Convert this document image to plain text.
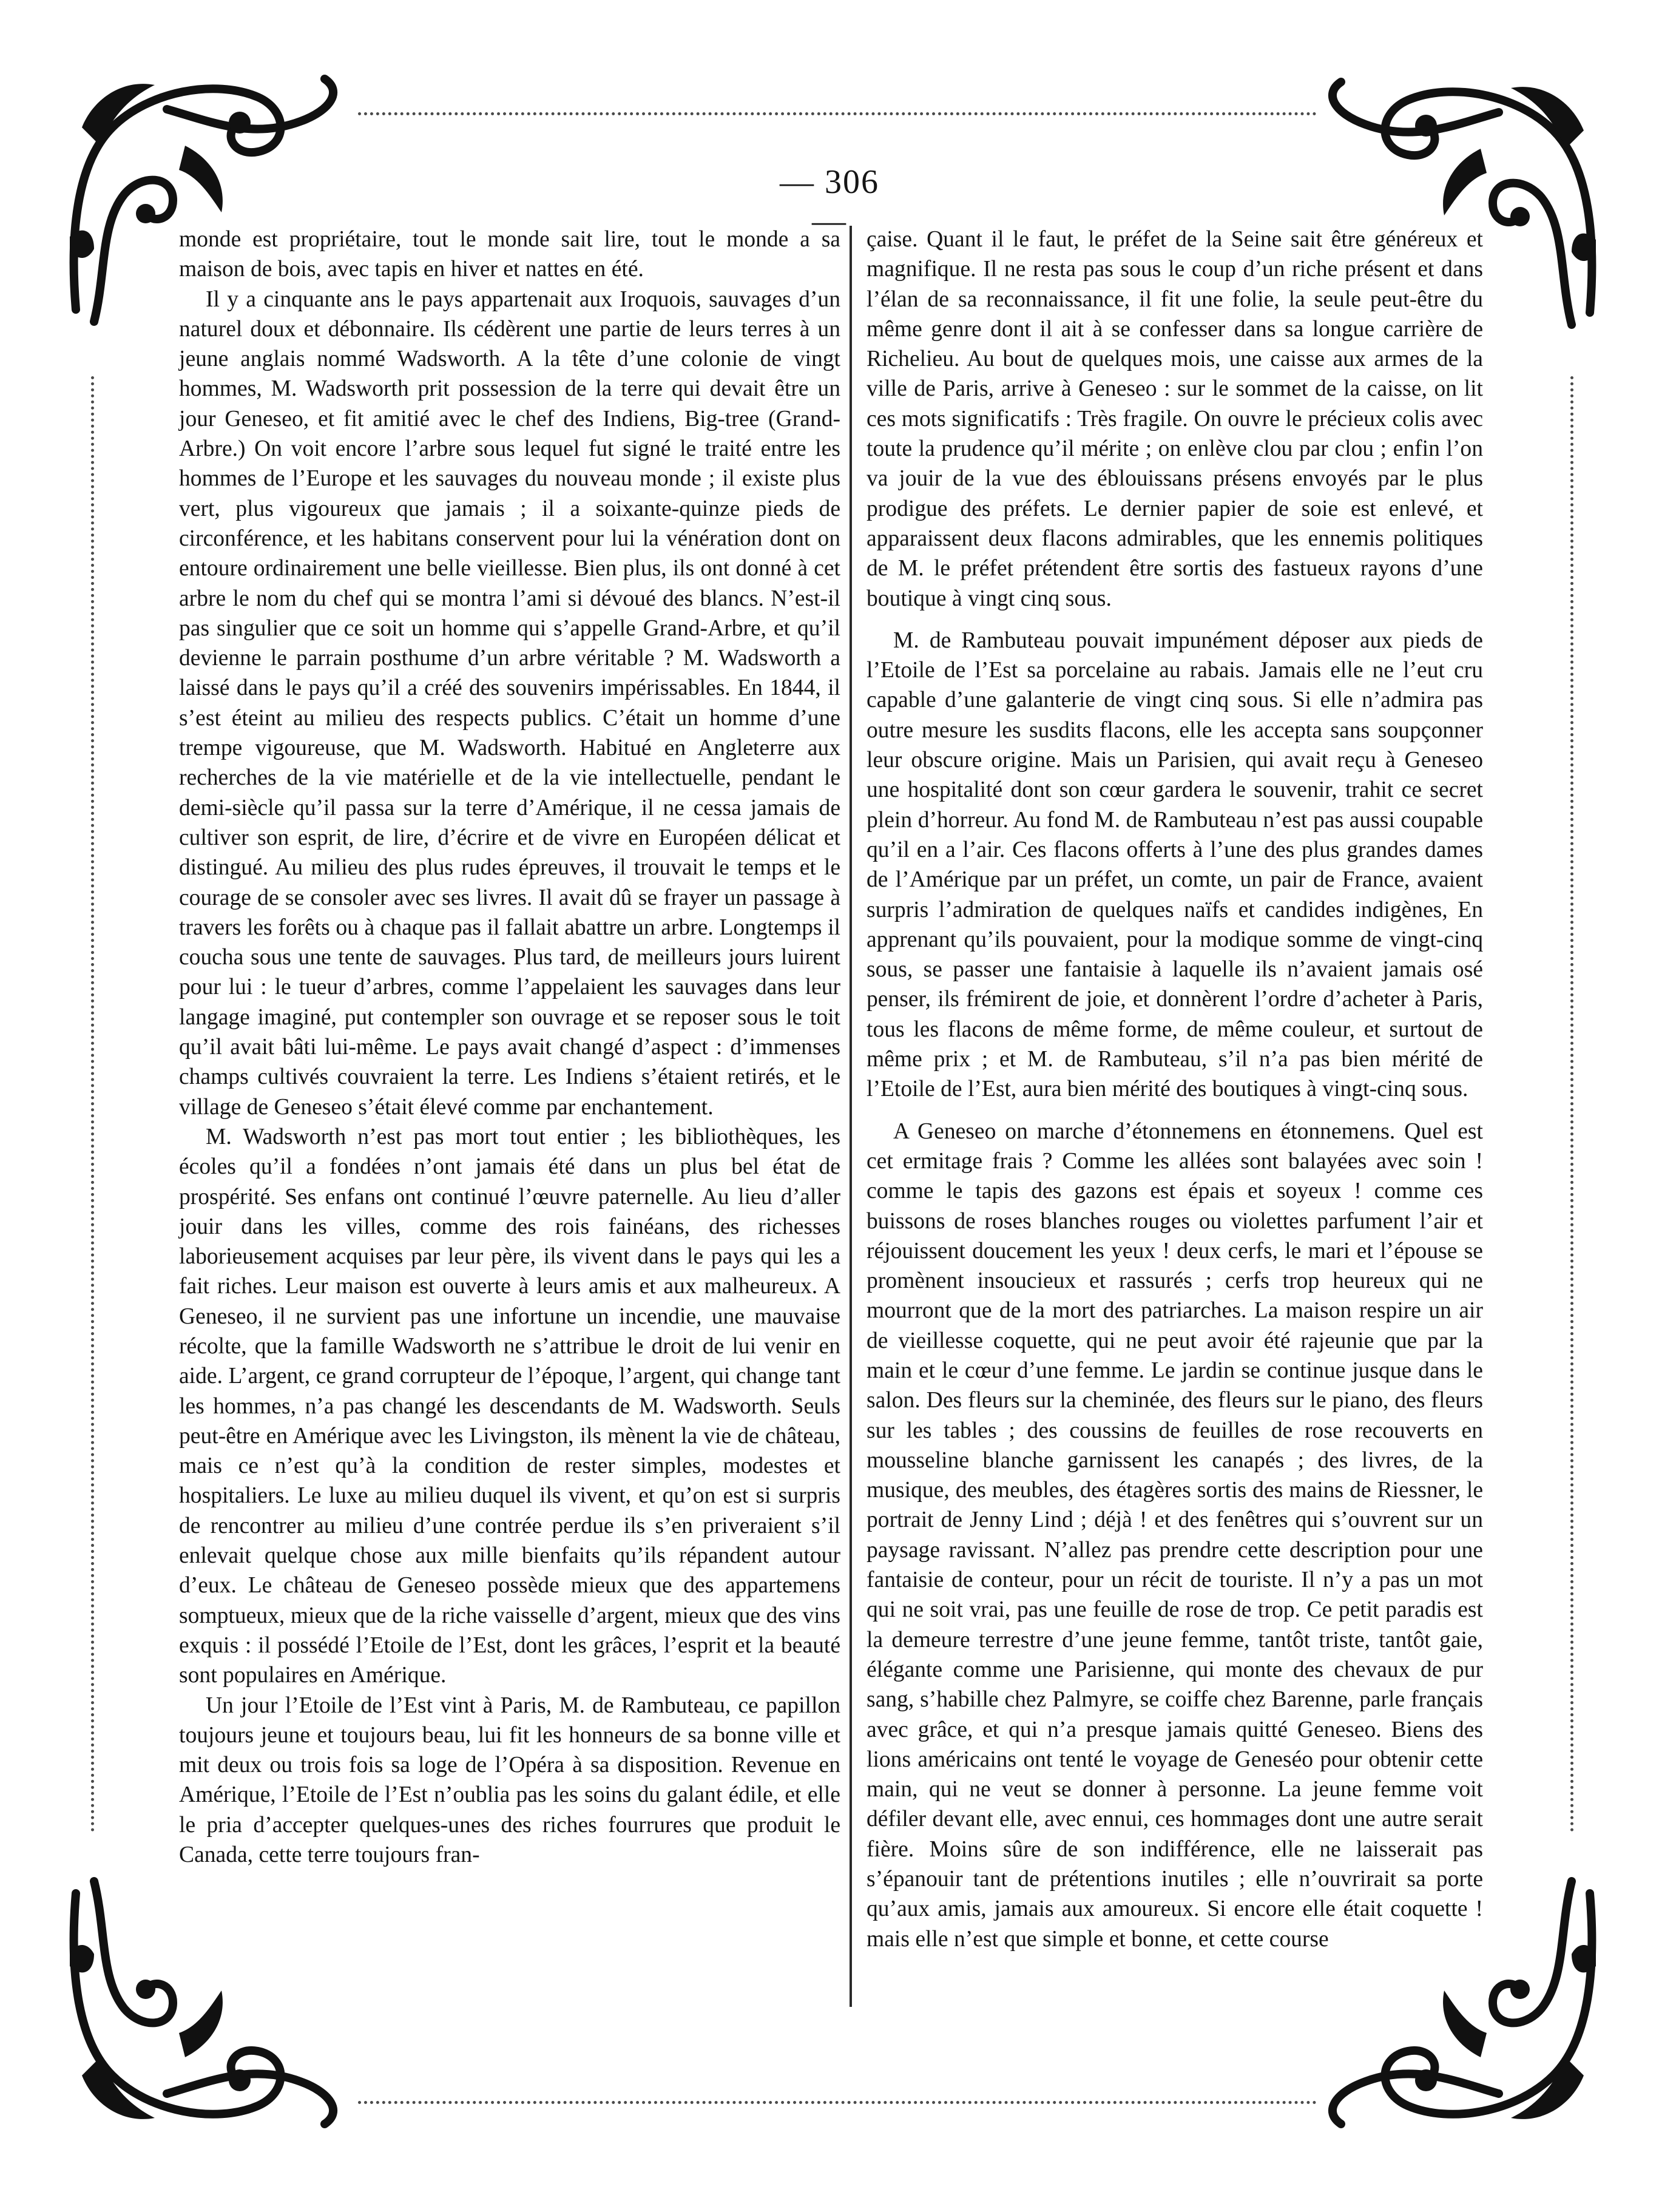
— 306 —

monde est propriétaire, tout le monde sait lire, tout le monde a sa maison de bois, avec tapis en hiver et nattes en été.

Il y a cinquante ans le pays appartenait aux Iroquois, sauvages d’un naturel doux et débonnaire. Ils cédèrent une partie de leurs terres à un jeune anglais nommé Wadsworth. A la tête d’une colonie de vingt hommes, M. Wadsworth prit possession de la terre qui devait être un jour Geneseo, et fit amitié avec le chef des Indiens, Big-tree (Grand-Arbre.) On voit encore l’arbre sous lequel fut signé le traité entre les hommes de l’Europe et les sauvages du nouveau monde ; il existe plus vert, plus vigoureux que jamais ; il a soixante-quinze pieds de circonférence, et les habitans conservent pour lui la vénération dont on entoure ordinairement une belle vieillesse. Bien plus, ils ont donné à cet arbre le nom du chef qui se montra l’ami si dévoué des blancs. N’est-il pas singulier que ce soit un homme qui s’appelle Grand-Arbre, et qu’il devienne le parrain posthume d’un arbre véritable ? M. Wadsworth a laissé dans le pays qu’il a créé des souvenirs impérissables. En 1844, il s’est éteint au milieu des respects publics. C’était un homme d’une trempe vigoureuse, que M. Wadsworth. Habitué en Angleterre aux recherches de la vie matérielle et de la vie intellectuelle, pendant le demi-siècle qu’il passa sur la terre d’Amérique, il ne cessa jamais de cultiver son esprit, de lire, d’écrire et de vivre en Européen délicat et distingué. Au milieu des plus rudes épreuves, il trouvait le temps et le courage de se consoler avec ses livres. Il avait dû se frayer un passage à travers les forêts ou à chaque pas il fallait abattre un arbre. Longtemps il coucha sous une tente de sauvages. Plus tard, de meilleurs jours luirent pour lui : le tueur d’arbres, comme l’appelaient les sauvages dans leur langage imaginé, put contempler son ouvrage et se reposer sous le toit qu’il avait bâti lui-même. Le pays avait changé d’aspect : d’immenses champs cultivés couvraient la terre. Les Indiens s’étaient retirés, et le village de Geneseo s’était élevé comme par enchantement.

M. Wadsworth n’est pas mort tout entier ; les bibliothèques, les écoles qu’il a fondées n’ont jamais été dans un plus bel état de prospérité. Ses enfans ont continué l’œuvre paternelle. Au lieu d’aller jouir dans les villes, comme des rois fainéans, des richesses laborieusement acquises par leur père, ils vivent dans le pays qui les a fait riches. Leur maison est ouverte à leurs amis et aux malheureux. A Geneseo, il ne survient pas une infortune un incendie, une mauvaise récolte, que la famille Wadsworth ne s’attribue le droit de lui venir en aide. L’argent, ce grand corrupteur de l’époque, l’argent, qui change tant les hommes, n’a pas changé les descendants de M. Wadsworth. Seuls peut-être en Amérique avec les Livingston, ils mènent la vie de château, mais ce n’est qu’à la condition de rester simples, modestes et hospitaliers. Le luxe au milieu duquel ils vivent, et qu’on est si surpris de rencontrer au milieu d’une contrée perdue ils s’en priveraient s’il enlevait quelque chose aux mille bienfaits qu’ils répandent autour d’eux. Le château de Geneseo possède mieux que des appartemens somptueux, mieux que de la riche vaisselle d’argent, mieux que des vins exquis : il possédé l’Etoile de l’Est, dont les grâces, l’esprit et la beauté sont populaires en Amérique.

Un jour l’Etoile de l’Est vint à Paris, M. de Rambuteau, ce papillon toujours jeune et toujours beau, lui fit les honneurs de sa bonne ville et mit deux ou trois fois sa loge de l’Opéra à sa disposition. Revenue en Amérique, l’Etoile de l’Est n’oublia pas les soins du galant édile, et elle le pria d’accepter quelques-unes des riches fourrures que produit le Canada, cette terre toujours fran-

çaise. Quant il le faut, le préfet de la Seine sait être généreux et magnifique. Il ne resta pas sous le coup d’un riche présent et dans l’élan de sa reconnaissance, il fit une folie, la seule peut-être du même genre dont il ait à se confesser dans sa longue carrière de Richelieu. Au bout de quelques mois, une caisse aux armes de la ville de Paris, arrive à Geneseo : sur le sommet de la caisse, on lit ces mots significatifs : Très fragile. On ouvre le précieux colis avec toute la prudence qu’il mérite ; on enlève clou par clou ; enfin l’on va jouir de la vue des éblouissans présens envoyés par le plus prodigue des préfets. Le dernier papier de soie est enlevé, et apparaissent deux flacons admirables, que les ennemis politiques de M. le préfet prétendent être sortis des fastueux rayons d’une boutique à vingt cinq sous.

M. de Rambuteau pouvait impunément déposer aux pieds de l’Etoile de l’Est sa porcelaine au rabais. Jamais elle ne l’eut cru capable d’une galanterie de vingt cinq sous. Si elle n’admira pas outre mesure les susdits flacons, elle les accepta sans soupçonner leur obscure origine. Mais un Parisien, qui avait reçu à Geneseo une hospitalité dont son cœur gardera le souvenir, trahit ce secret plein d’horreur. Au fond M. de Rambuteau n’est pas aussi coupable qu’il en a l’air. Ces flacons offerts à l’une des plus grandes dames de l’Amérique par un préfet, un comte, un pair de France, avaient surpris l’admiration de quelques naïfs et candides indigènes, En apprenant qu’ils pouvaient, pour la modique somme de vingt-cinq sous, se passer une fantaisie à laquelle ils n’avaient jamais osé penser, ils frémirent de joie, et donnèrent l’ordre d’acheter à Paris, tous les flacons de même forme, de même couleur, et surtout de même prix ; et M. de Rambuteau, s’il n’a pas bien mérité de l’Etoile de l’Est, aura bien mérité des boutiques à vingt-cinq sous.

A Geneseo on marche d’étonnemens en étonnemens. Quel est cet ermitage frais ? Comme les allées sont balayées avec soin ! comme le tapis des gazons est épais et soyeux ! comme ces buissons de roses blanches rouges ou violettes parfument l’air et réjouissent doucement les yeux ! deux cerfs, le mari et l’épouse se promènent insoucieux et rassurés ; cerfs trop heureux qui ne mourront que de la mort des patriarches. La maison respire un air de vieillesse coquette, qui ne peut avoir été rajeunie que par la main et le cœur d’une femme. Le jardin se continue jusque dans le salon. Des fleurs sur la cheminée, des fleurs sur le piano, des fleurs sur les tables ; des coussins de feuilles de rose recouverts en mousseline blanche garnissent les canapés ; des livres, de la musique, des meubles, des étagères sortis des mains de Riessner, le portrait de Jenny Lind ; déjà ! et des fenêtres qui s’ouvrent sur un paysage ravissant. N’allez pas prendre cette description pour une fantaisie de conteur, pour un récit de touriste. Il n’y a pas un mot qui ne soit vrai, pas une feuille de rose de trop. Ce petit paradis est la demeure terrestre d’une jeune femme, tantôt triste, tantôt gaie, élégante comme une Parisienne, qui monte des chevaux de pur sang, s’habille chez Palmyre, se coiffe chez Barenne, parle français avec grâce, et qui n’a presque jamais quitté Geneseo. Biens des lions américains ont tenté le voyage de Geneséo pour obtenir cette main, qui ne veut se donner à personne. La jeune femme voit défiler devant elle, avec ennui, ces hommages dont une autre serait fière. Moins sûre de son indifférence, elle ne laisserait pas s’épanouir tant de prétentions inutiles ; elle n’ouvrirait sa porte qu’aux amis, jamais aux amoureux. Si encore elle était coquette ! mais elle n’est que simple et bonne, et cette course
